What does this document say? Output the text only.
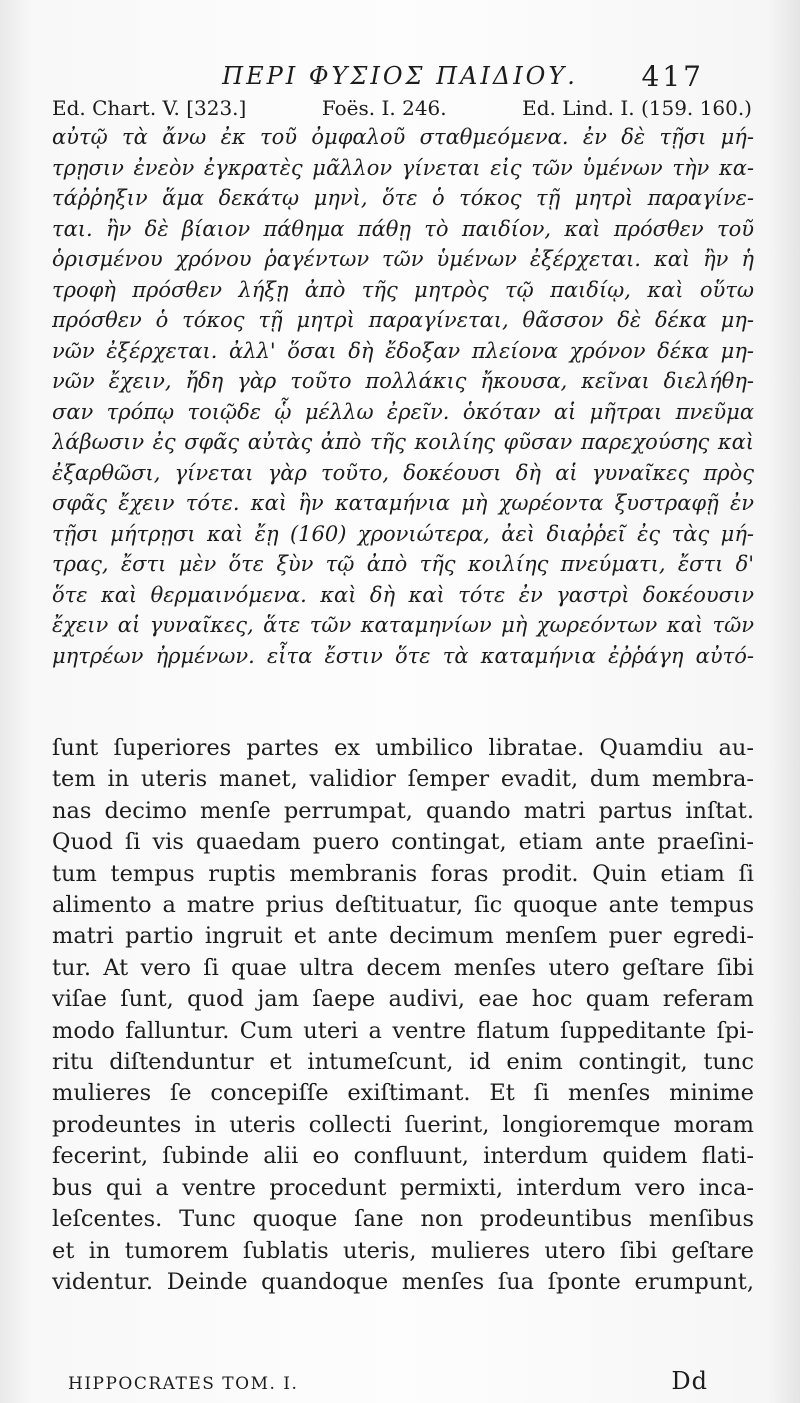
ΠΕΡΙ ΦΥΣΙΟΣ ΠΑΙΔΙΟΥ.	417
Ed. Chart. V. [323.]	Foës. I. 246.	Ed. Lind. I. (159. 160.)
αὐτῷ τὰ ἄνω ἐκ τοῦ ὀμφαλοῦ σταθμεόμενα. ἐν δὲ τῇσι μή-
τρῃσιν ἐνεὸν ἐγκρατὲς μᾶλλον γίνεται εἰς τῶν ὑμένων τὴν κα-
τάῤῥηξιν ἅμα δεκάτῳ μηνὶ, ὅτε ὁ τόκος τῇ μητρὶ παραγίνε-
ται. ἢν δὲ βίαιον πάθημα πάθῃ τὸ παιδίον, καὶ πρόσθεν τοῦ
ὁρισμένου χρόνου ῥαγέντων τῶν ὑμένων ἐξέρχεται. καὶ ἢν ἡ
τροφὴ πρόσθεν λήξῃ ἀπὸ τῆς μητρὸς τῷ παιδίῳ, καὶ οὕτω
πρόσθεν ὁ τόκος τῇ μητρὶ παραγίνεται, θᾶσσον δὲ δέκα μη-
νῶν ἐξέρχεται. ἀλλ' ὅσαι δὴ ἔδοξαν πλείονα χρόνον δέκα μη-
νῶν ἔχειν, ἤδη γὰρ τοῦτο πολλάκις ἤκουσα, κεῖναι διελήθη-
σαν τρόπῳ τοιῷδε ᾧ μέλλω ἐρεῖν. ὁκόταν αἱ μῆτραι πνεῦμα
λάβωσιν ἐς σφᾶς αὐτὰς ἀπὸ τῆς κοιλίης φῦσαν παρεχούσης καὶ
ἐξαρθῶσι, γίνεται γὰρ τοῦτο, δοκέουσι δὴ αἱ γυναῖκες πρὸς
σφᾶς ἔχειν τότε. καὶ ἢν καταμήνια μὴ χωρέοντα ξυστραφῇ ἐν
τῇσι μήτρῃσι καὶ ἔῃ (160) χρονιώτερα, ἀεὶ διαῤῥεῖ ἐς τὰς μή-
τρας, ἔστι μὲν ὅτε ξὺν τῷ ἀπὸ τῆς κοιλίης πνεύματι, ἔστι δ'
ὅτε καὶ θερμαινόμενα. καὶ δὴ καὶ τότε ἐν γαστρὶ δοκέουσιν
ἔχειν αἱ γυναῖκες, ἅτε τῶν καταμηνίων μὴ χωρεόντων καὶ τῶν
μητρέων ἠρμένων. εἶτα ἔστιν ὅτε τὰ καταμήνια ἐῤῥάγη αὐτό-
ſunt ſuperiores partes ex umbilico libratae. Quamdiu au-
tem in uteris manet, validior ſemper evadit, dum membra-
nas decimo menſe perrumpat, quando matri partus inſtat.
Quod ſi vis quaedam puero contingat, etiam ante praeſini-
tum tempus ruptis membranis foras prodit. Quin etiam ſi
alimento a matre prius deſtituatur, ſic quoque ante tempus
matri partio ingruit et ante decimum menſem puer egredi-
tur. At vero ſi quae ultra decem menſes utero geſtare ſibi
viſae ſunt, quod jam ſaepe audivi, eae hoc quam referam
modo falluntur. Cum uteri a ventre flatum ſuppeditante ſpi-
ritu diſtenduntur et intumeſcunt, id enim contingit, tunc
mulieres ſe concepiſſe exiſtimant. Et ſi menſes minime
prodeuntes in uteris collecti ſuerint, longioremque moram
fecerint, ſubinde alii eo confluunt, interdum quidem flati-
bus qui a ventre procedunt permixti, interdum vero inca-
leſcentes. Tunc quoque ſane non prodeuntibus menſibus
et in tumorem ſublatis uteris, mulieres utero ſibi geſtare
videntur. Deinde quandoque menſes ſua ſponte erumpunt,
HIPPOCRATES TOM. I.	Dd
